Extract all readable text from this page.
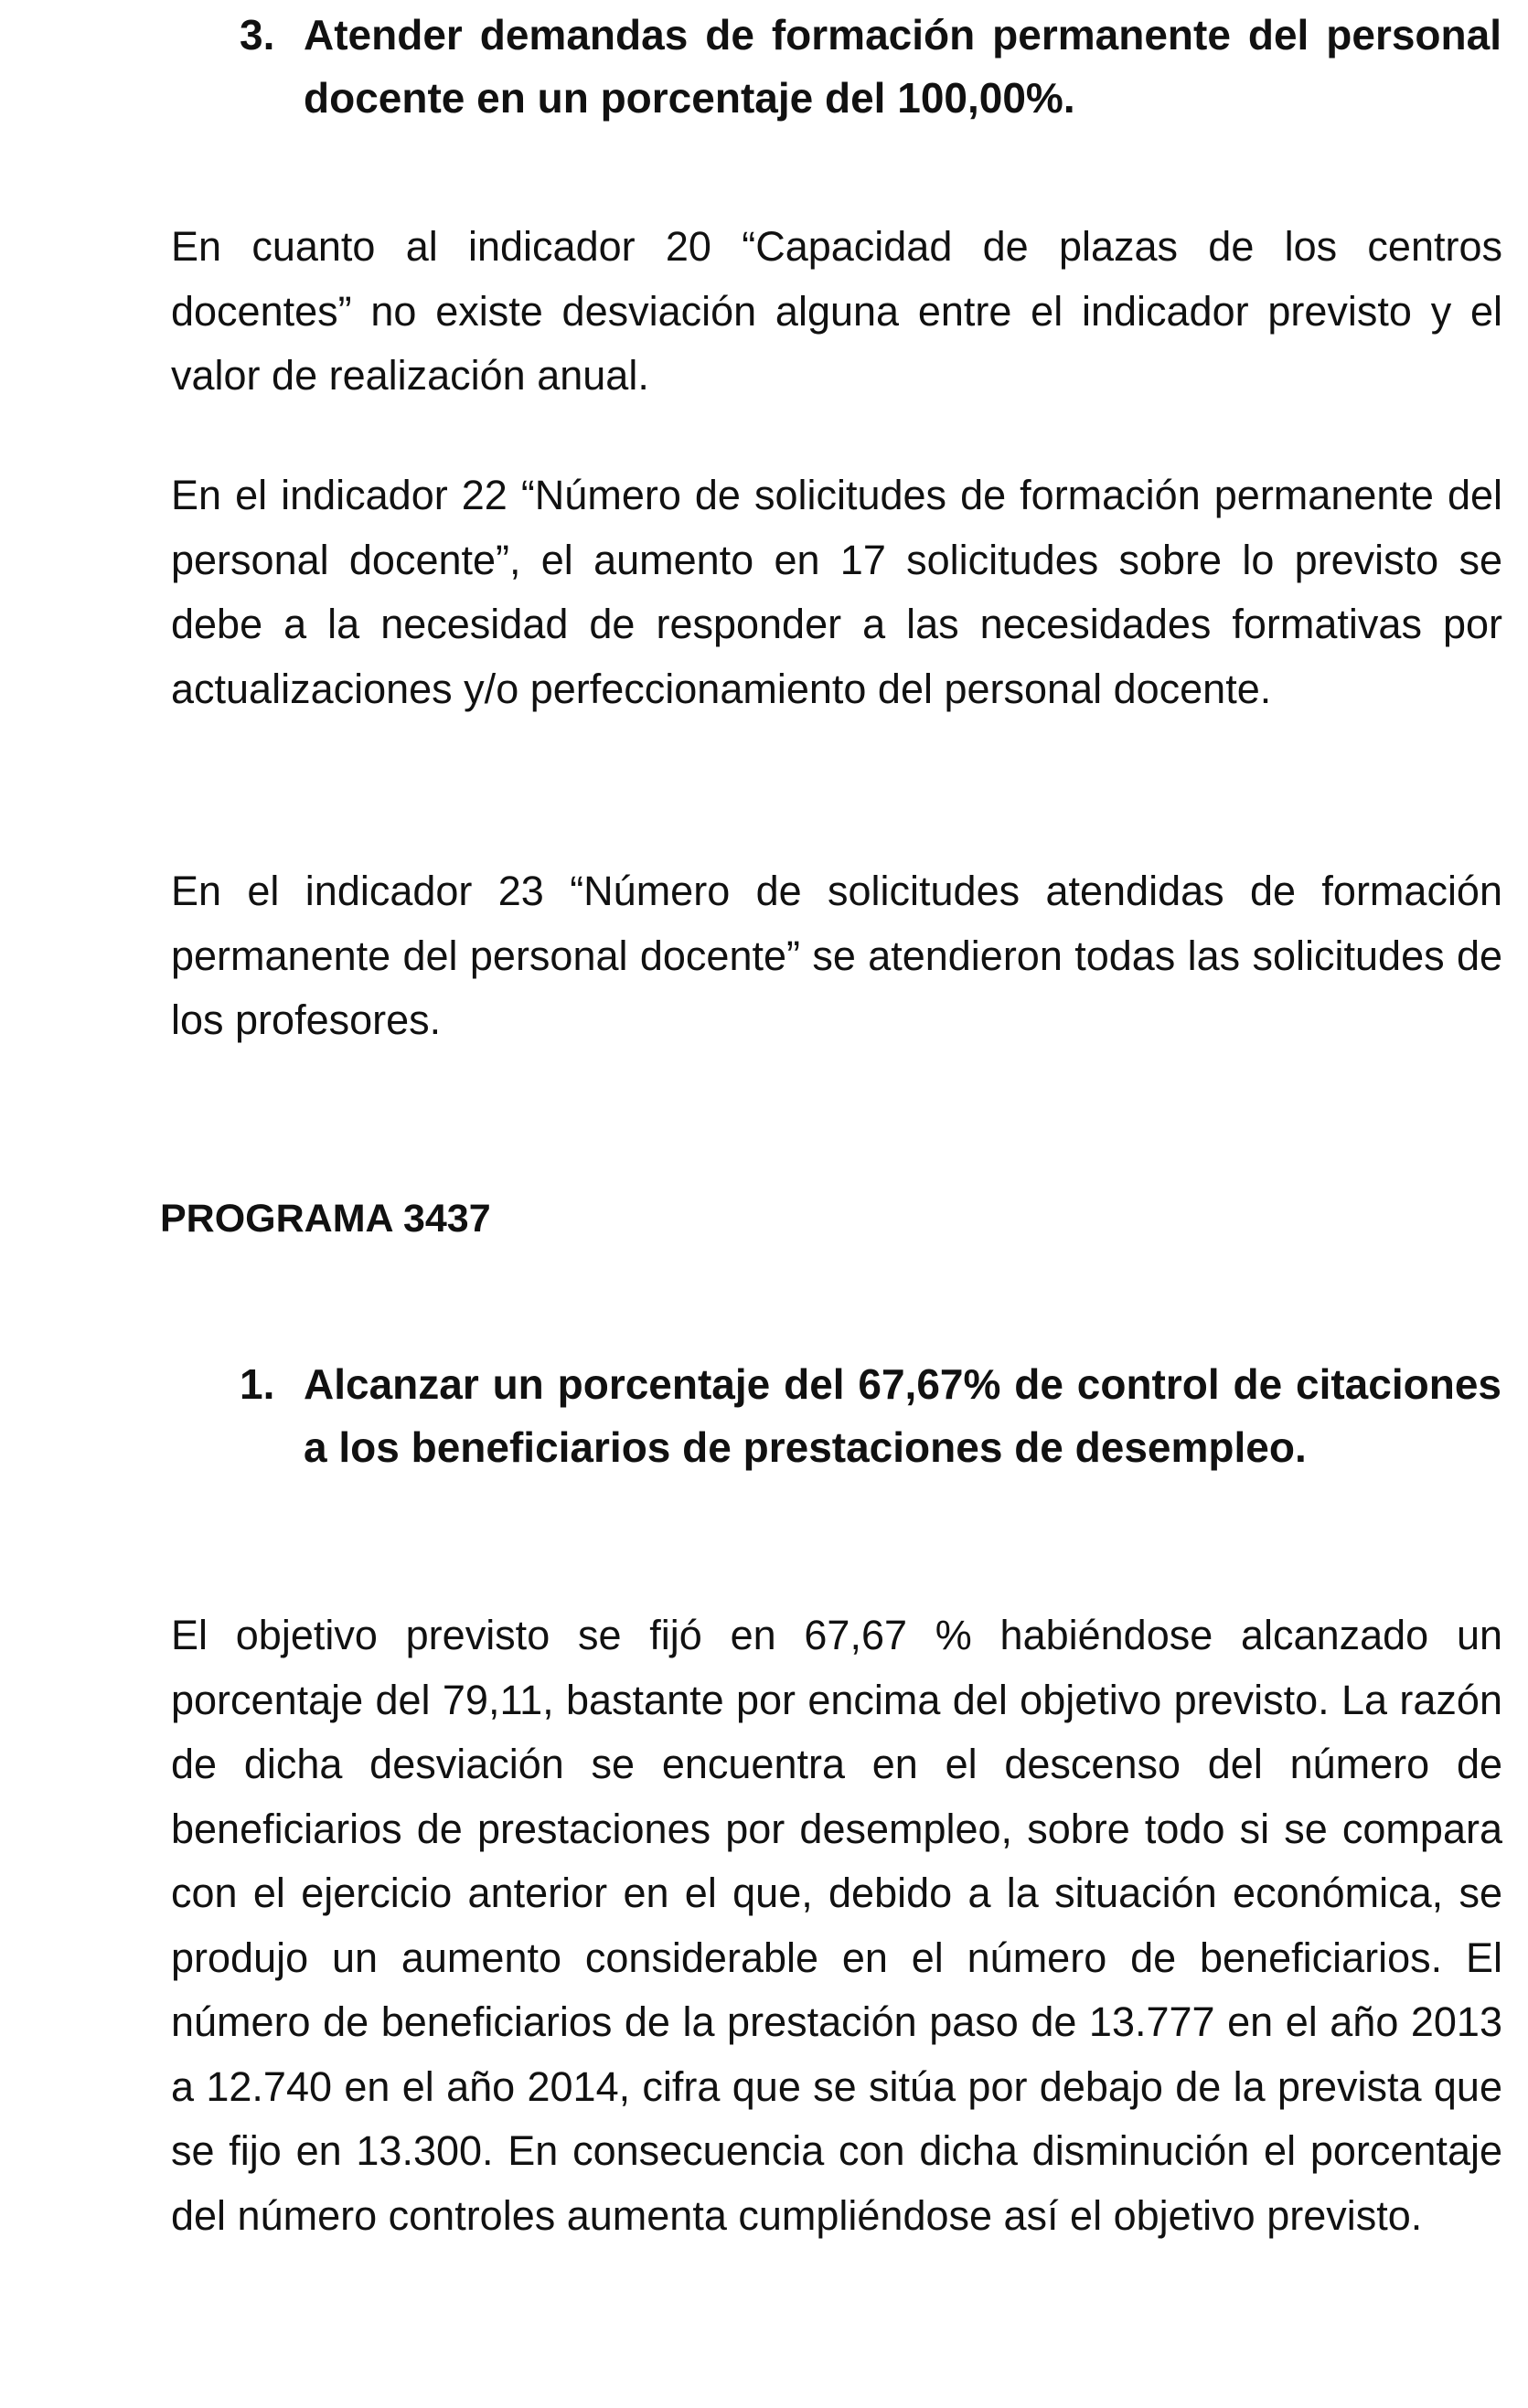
3. Atender demandas de formación permanente del personal docente en un porcentaje del 100,00%.

En cuanto al indicador 20 “Capacidad de plazas de los centros docentes” no existe desviación alguna entre el indicador previsto y el valor de realización anual.

En el indicador 22 “Número de solicitudes de formación permanente del personal docente”, el aumento en 17 solicitudes sobre lo previsto se debe a la necesidad de responder a las necesidades formativas por actualizaciones y/o perfeccionamiento del personal docente.

En el indicador 23 “Número de solicitudes atendidas de formación permanente del personal docente” se atendieron todas las solicitudes de los profesores.

PROGRAMA 3437
1. Alcanzar un porcentaje del 67,67% de control de citaciones a los beneficiarios de prestaciones de desempleo.

El objetivo previsto se fijó en 67,67 % habiéndose alcanzado un porcentaje del 79,11, bastante por encima del objetivo previsto. La razón de dicha desviación se encuentra en el descenso del número de beneficiarios de prestaciones por desempleo, sobre todo si se compara con el ejercicio anterior en el que, debido a la situación económica, se produjo un aumento considerable en el número de beneficiarios. El número de beneficiarios de la prestación paso de 13.777 en el año 2013 a 12.740 en el año 2014, cifra que se sitúa por debajo de la prevista que se fijo en 13.300. En consecuencia con dicha disminución el porcentaje del número controles aumenta cumpliéndose así el objetivo previsto.
